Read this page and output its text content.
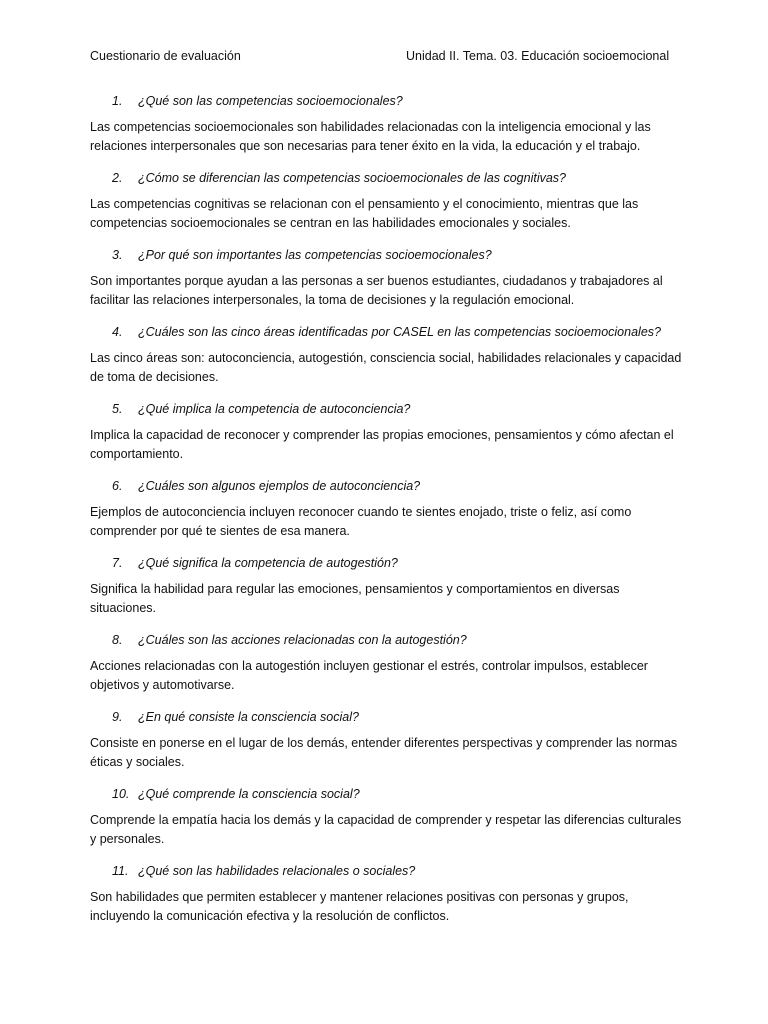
Cuestionario de evaluación	Unidad II. Tema. 03. Educación socioemocional

1. ¿Qué son las competencias socioemocionales?

Las competencias socioemocionales son habilidades relacionadas con la inteligencia emocional y las relaciones interpersonales que son necesarias para tener éxito en la vida, la educación y el trabajo.

2. ¿Cómo se diferencian las competencias socioemocionales de las cognitivas?

Las competencias cognitivas se relacionan con el pensamiento y el conocimiento, mientras que las competencias socioemocionales se centran en las habilidades emocionales y sociales.

3. ¿Por qué son importantes las competencias socioemocionales?

Son importantes porque ayudan a las personas a ser buenos estudiantes, ciudadanos y trabajadores al facilitar las relaciones interpersonales, la toma de decisiones y la regulación emocional.

4. ¿Cuáles son las cinco áreas identificadas por CASEL en las competencias socioemocionales?

Las cinco áreas son: autoconciencia, autogestión, consciencia social, habilidades relacionales y capacidad de toma de decisiones.

5. ¿Qué implica la competencia de autoconciencia?

Implica la capacidad de reconocer y comprender las propias emociones, pensamientos y cómo afectan el comportamiento.

6. ¿Cuáles son algunos ejemplos de autoconciencia?

Ejemplos de autoconciencia incluyen reconocer cuando te sientes enojado, triste o feliz, así como comprender por qué te sientes de esa manera.

7. ¿Qué significa la competencia de autogestión?

Significa la habilidad para regular las emociones, pensamientos y comportamientos en diversas situaciones.

8. ¿Cuáles son las acciones relacionadas con la autogestión?

Acciones relacionadas con la autogestión incluyen gestionar el estrés, controlar impulsos, establecer objetivos y automotivarse.

9. ¿En qué consiste la consciencia social?

Consiste en ponerse en el lugar de los demás, entender diferentes perspectivas y comprender las normas éticas y sociales.

10. ¿Qué comprende la consciencia social?

Comprende la empatía hacia los demás y la capacidad de comprender y respetar las diferencias culturales y personales.

11. ¿Qué son las habilidades relacionales o sociales?

Son habilidades que permiten establecer y mantener relaciones positivas con personas y grupos, incluyendo la comunicación efectiva y la resolución de conflictos.
